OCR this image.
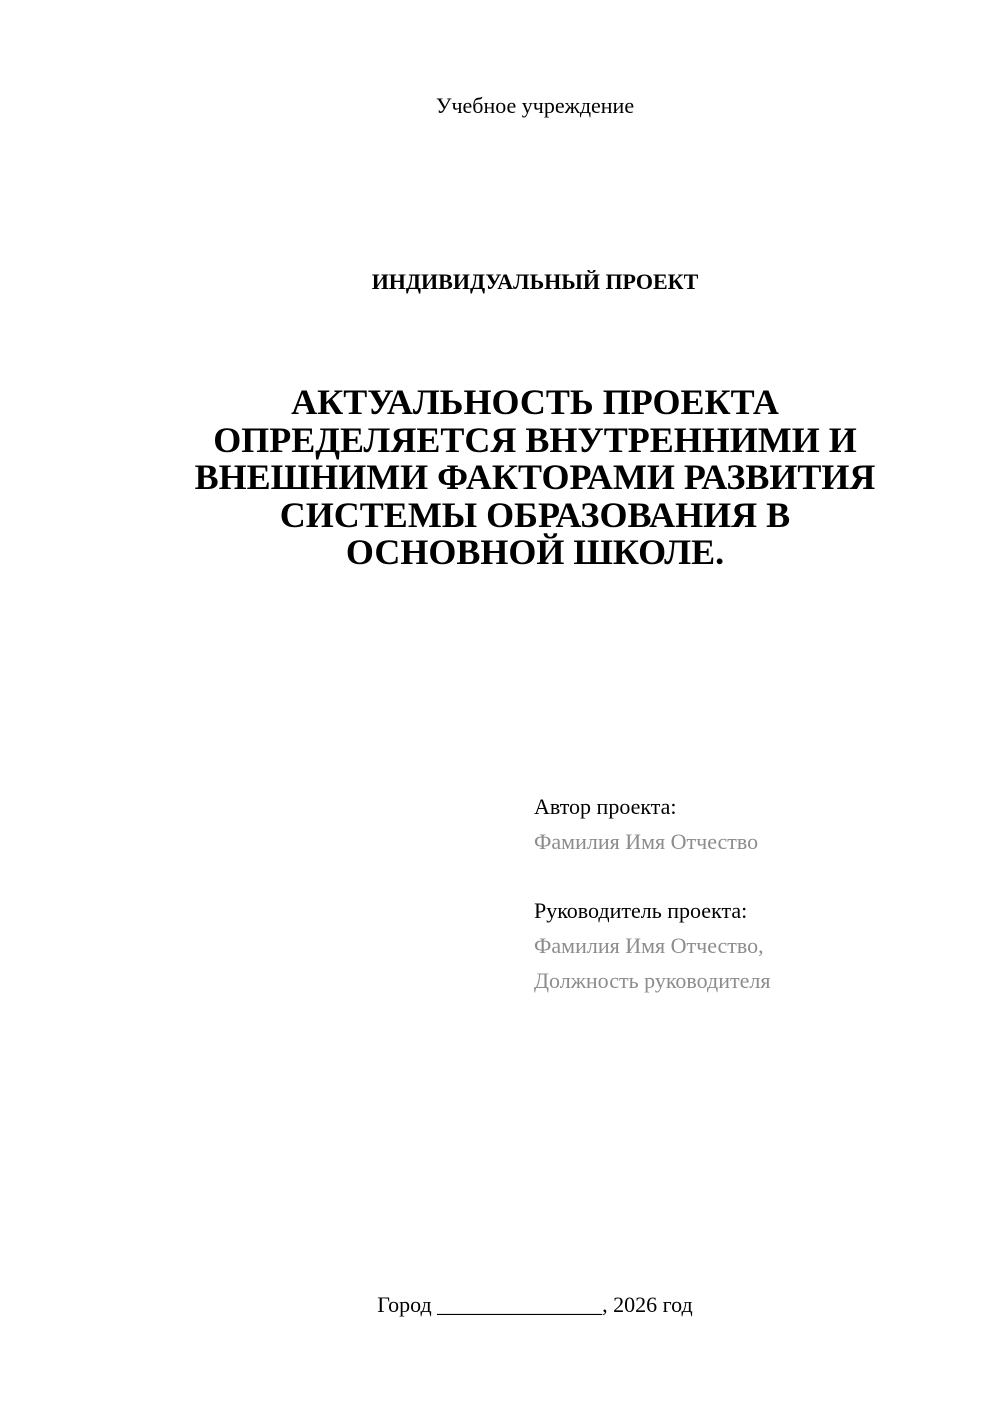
Учебное учреждение
ИНДИВИДУАЛЬНЫЙ ПРОЕКТ
АКТУАЛЬНОСТЬ ПРОЕКТА
ОПРЕДЕЛЯЕТСЯ ВНУТРЕННИМИ И
ВНЕШНИМИ ФАКТОРАМИ РАЗВИТИЯ
СИСТЕМЫ ОБРАЗОВАНИЯ В
ОСНОВНОЙ ШКОЛЕ.
Автор проекта:
Фамилия Имя Отчество
Руководитель проекта:
Фамилия Имя Отчество,
Должность руководителя
Город _______________, 2026 год
